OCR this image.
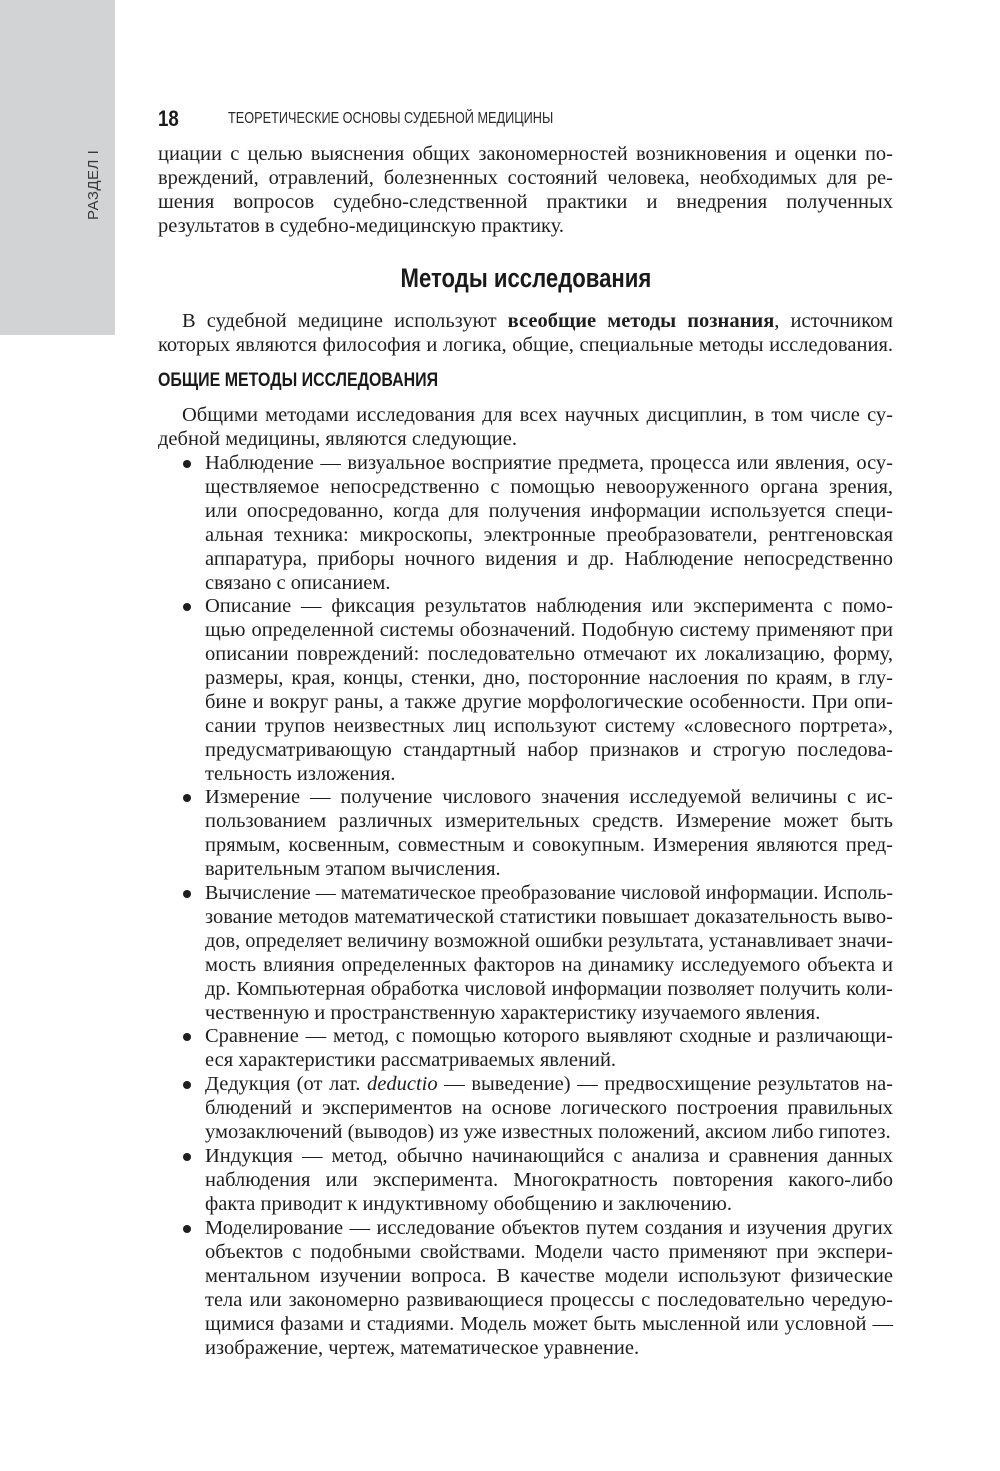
РАЗДЕЛ I
18	ТЕОРЕТИЧЕСКИЕ ОСНОВЫ СУДЕБНОЙ МЕДИЦИНЫ
циации с целью выяснения общих закономерностей возникновения и оценки по-
вреждений, отравлений, болезненных состояний человека, необходимых для ре-
шения вопросов судебно-следственной практики и внедрения полученных
результатов в судебно-медицинскую практику.
Методы исследования
В судебной медицине используют всеобщие методы познания, источником
которых являются философия и логика, общие, специальные методы исследования.
ОБЩИЕ МЕТОДЫ ИССЛЕДОВАНИЯ
Общими методами исследования для всех научных дисциплин, в том числе су-
дебной медицины, являются следующие.
Наблюдение — визуальное восприятие предмета, процесса или явления, осу-
ществляемое непосредственно с помощью невооруженного органа зрения,
или опосредованно, когда для получения информации используется специ-
альная техника: микроскопы, электронные преобразователи, рентгеновская
аппаратура, приборы ночного видения и др. Наблюдение непосредственно
связано с описанием.
Описание — фиксация результатов наблюдения или эксперимента с помо-
щью определенной системы обозначений. Подобную систему применяют при
описании повреждений: последовательно отмечают их локализацию, форму,
размеры, края, концы, стенки, дно, посторонние наслоения по краям, в глу-
бине и вокруг раны, а также другие морфологические особенности. При опи-
сании трупов неизвестных лиц используют систему «словесного портрета»,
предусматривающую стандартный набор признаков и строгую последова-
тельность изложения.
Измерение — получение числового значения исследуемой величины с ис-
пользованием различных измерительных средств. Измерение может быть
прямым, косвенным, совместным и совокупным. Измерения являются пред-
варительным этапом вычисления.
Вычисление — математическое преобразование числовой информации. Исполь-
зование методов математической статистики повышает доказательность выво-
дов, определяет величину возможной ошибки результата, устанавливает значи-
мость влияния определенных факторов на динамику исследуемого объекта и
др. Компьютерная обработка числовой информации позволяет получить коли-
чественную и пространственную характеристику изучаемого явления.
Сравнение — метод, с помощью которого выявляют сходные и различающи-
еся характеристики рассматриваемых явлений.
Дедукция (от лат. deductio — выведение) — предвосхищение результатов на-
блюдений и экспериментов на основе логического построения правильных
умозаключений (выводов) из уже известных положений, аксиом либо гипотез.
Индукция — метод, обычно начинающийся с анализа и сравнения данных
наблюдения или эксперимента. Многократность повторения какого-либо
факта приводит к индуктивному обобщению и заключению.
Моделирование — исследование объектов путем создания и изучения других
объектов с подобными свойствами. Модели часто применяют при экспери-
ментальном изучении вопроса. В качестве модели используют физические
тела или закономерно развивающиеся процессы с последовательно чередую-
щимися фазами и стадиями. Модель может быть мысленной или условной —
изображение, чертеж, математическое уравнение.
